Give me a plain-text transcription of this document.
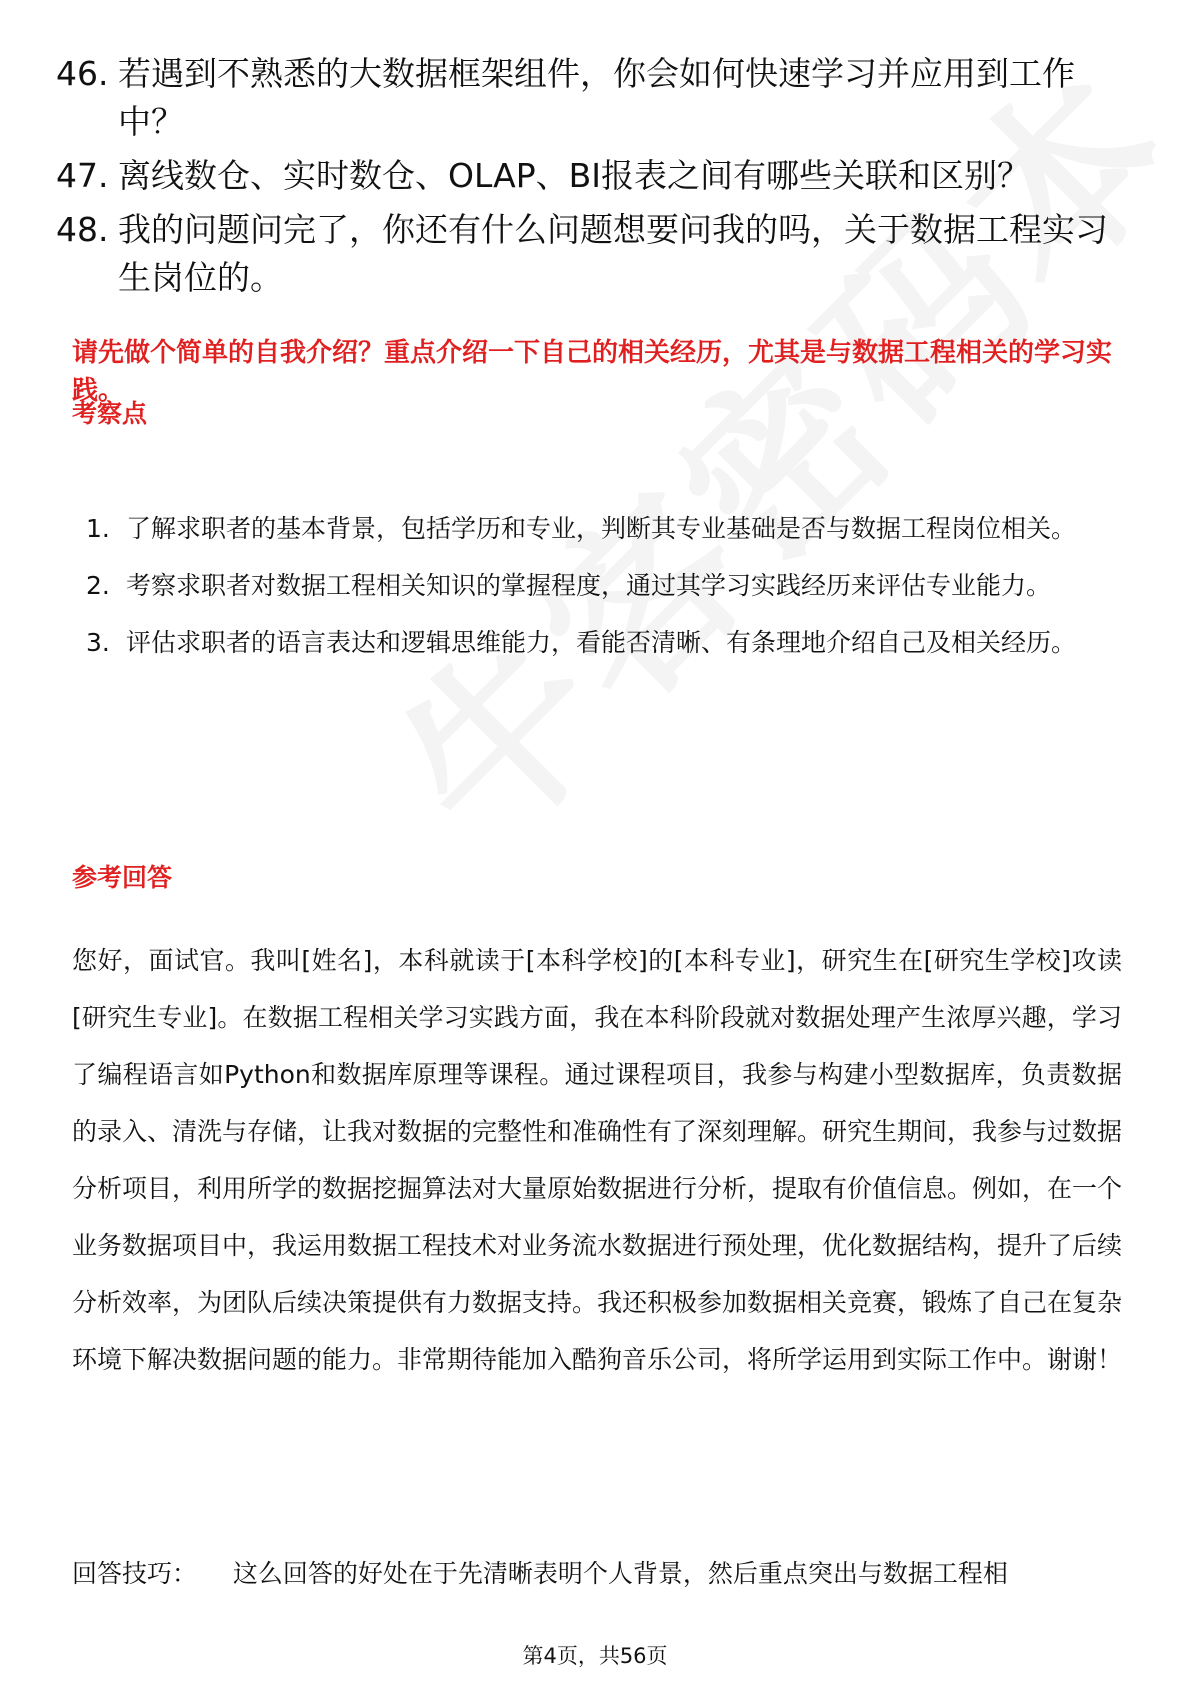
46. 若遇到不熟悉的大数据框架组件，你会如何快速学习并应用到工作中？
47. 离线数仓、实时数仓、OLAP、BI报表之间有哪些关联和区别？
48. 我的问题问完了，你还有什么问题想要问我的吗，关于数据工程实习生岗位的。
请先做个简单的自我介绍？重点介绍一下自己的相关经历，尤其是与数据工程相关的学习实践。
考察点
1. 了解求职者的基本背景，包括学历和专业，判断其专业基础是否与数据工程岗位相关。
2. 考察求职者对数据工程相关知识的掌握程度，通过其学习实践经历来评估专业能力。
3. 评估求职者的语言表达和逻辑思维能力，看能否清晰、有条理地介绍自己及相关经历。
参考回答
您好，面试官。我叫[姓名]，本科就读于[本科学校]的[本科专业]，研究生在[研究生学校]攻读[研究生专业]。在数据工程相关学习实践方面，我在本科阶段就对数据处理产生浓厚兴趣，学习了编程语言如Python和数据库原理等课程。通过课程项目，我参与构建小型数据库，负责数据的录入、清洗与存储，让我对数据的完整性和准确性有了深刻理解。研究生期间，我参与过数据分析项目，利用所学的数据挖掘算法对大量原始数据进行分析，提取有价值信息。例如，在一个业务数据项目中，我运用数据工程技术对业务流水数据进行预处理，优化数据结构，提升了后续分析效率，为团队后续决策提供有力数据支持。我还积极参加数据相关竞赛，锻炼了自己在复杂环境下解决数据问题的能力。非常期待能加入酷狗音乐公司，将所学运用到实际工作中。谢谢！
回答技巧： 这么回答的好处在于先清晰表明个人背景，然后重点突出与数据工程相
第4页，共56页
